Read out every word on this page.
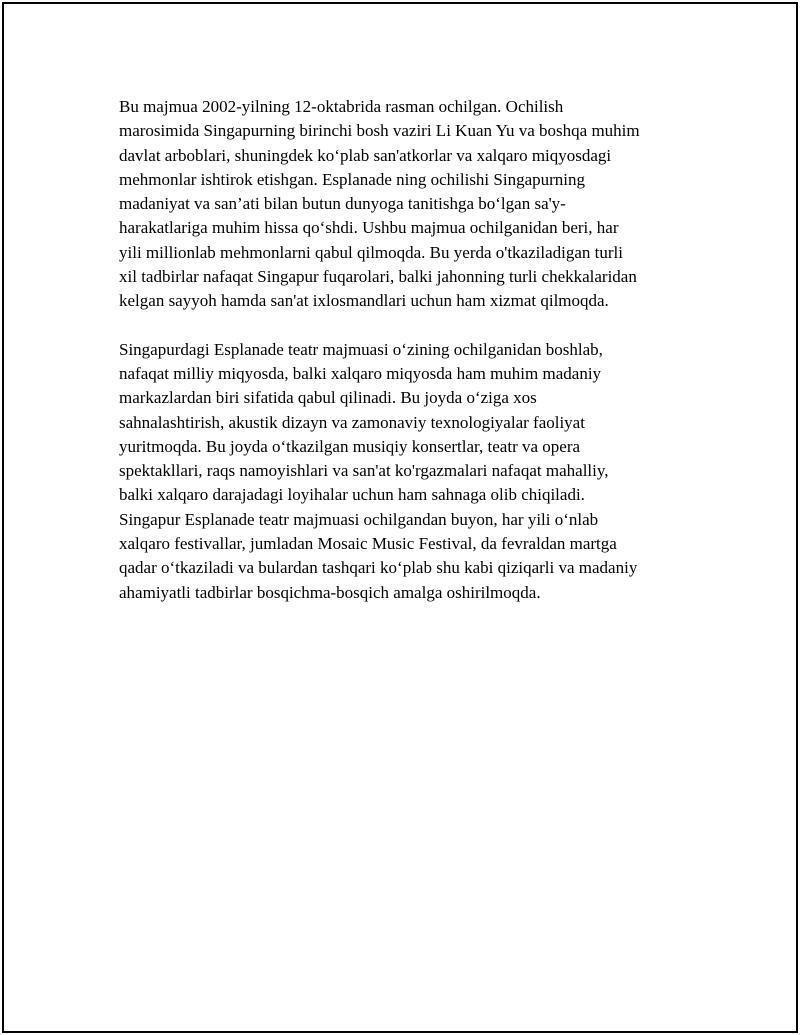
Bu majmua 2002-yilning 12-oktabrida rasman ochilgan. Ochilish
marosimida Singapurning birinchi bosh vaziri Li Kuan Yu va boshqa muhim
davlat arboblari, shuningdek ko‘plab san'atkorlar va xalqaro miqyosdagi
mehmonlar ishtirok etishgan. Esplanade ning ochilishi Singapurning
madaniyat va san’ati bilan butun dunyoga tanitishga bo‘lgan sa'y-
harakatlariga muhim hissa qo‘shdi. Ushbu majmua ochilganidan beri, har
yili millionlab mehmonlarni qabul qilmoqda. Bu yerda o'tkaziladigan turli
xil tadbirlar nafaqat Singapur fuqarolari, balki jahonning turli chekkalaridan
kelgan sayyoh hamda san'at ixlosmandlari uchun ham xizmat qilmoqda.

Singapurdagi Esplanade teatr majmuasi o‘zining ochilganidan boshlab,
nafaqat milliy miqyosda, balki xalqaro miqyosda ham muhim madaniy
markazlardan biri sifatida qabul qilinadi. Bu joyda o‘ziga xos
sahnalashtirish, akustik dizayn va zamonaviy texnologiyalar faoliyat
yuritmoqda. Bu joyda o‘tkazilgan musiqiy konsertlar, teatr va opera
spektakllari, raqs namoyishlari va san'at ko'rgazmalari nafaqat mahalliy,
balki xalqaro darajadagi loyihalar uchun ham sahnaga olib chiqiladi.
Singapur Esplanade teatr majmuasi ochilgandan buyon, har yili o‘nlab
xalqaro festivallar, jumladan Mosaic Music Festival, da fevraldan martga
qadar o‘tkaziladi va bulardan tashqari ko‘plab shu kabi qiziqarli va madaniy
ahamiyatli tadbirlar bosqichma-bosqich amalga oshirilmoqda.
